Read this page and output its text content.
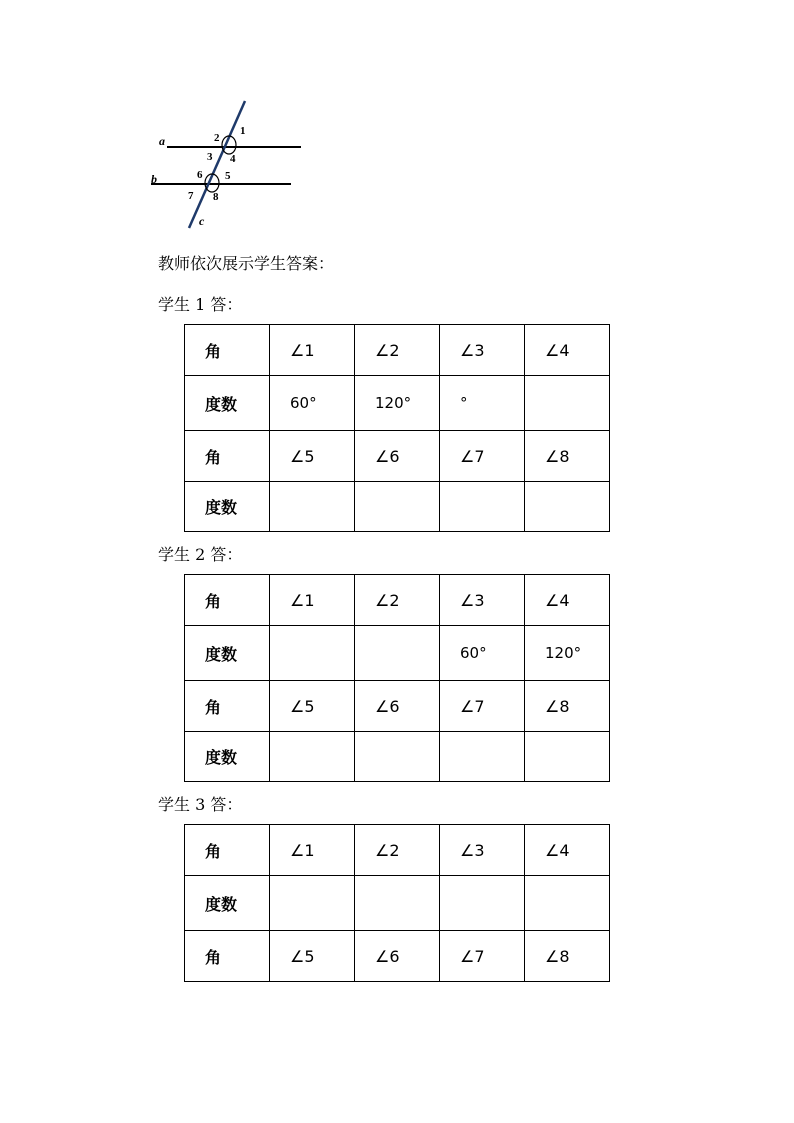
a
b
c
1
2
3 4
5
6
7 8
教师依次展示学生答案：
学生 1 答：
角	∠1	∠2	∠3	∠4
度数	60°	120°	°	
角	∠5	∠6	∠7	∠8
度数				
学生 2 答：
角	∠1	∠2	∠3	∠4
度数			60°	120°
角	∠5	∠6	∠7	∠8
度数				
学生 3 答：
角	∠1	∠2	∠3	∠4
度数				
角	∠5	∠6	∠7	∠8
